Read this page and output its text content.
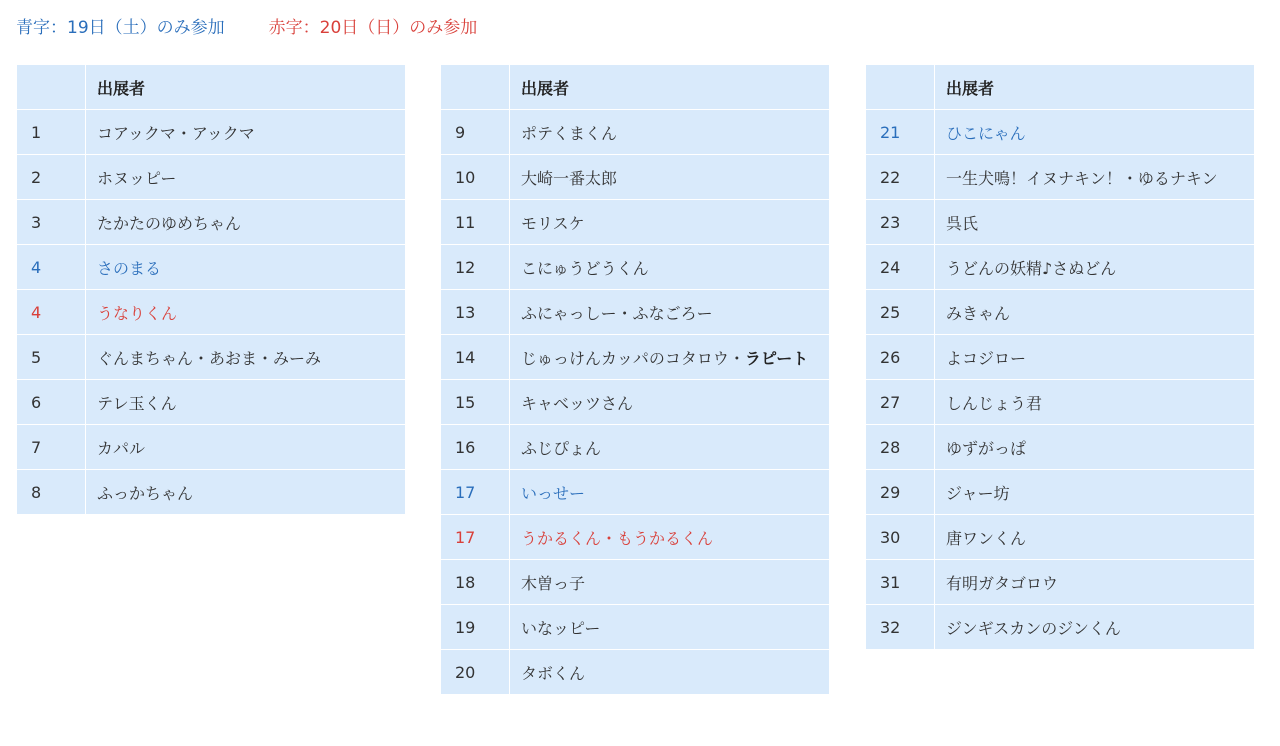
青字：19日（土）のみ参加	赤字：20日（日）のみ参加
	出展者
1	コアックマ・アックマ
2	ホヌッピー
3	たかたのゆめちゃん
4	さのまる
4	うなりくん
5	ぐんまちゃん・あおま・みーみ
6	テレ玉くん
7	カパル
8	ふっかちゃん
	出展者
9	ポテくまくん
10	大崎一番太郎
11	モリスケ
12	こにゅうどうくん
13	ふにゃっしー・ふなごろー
14	じゅっけんカッパのコタロウ・ラピート
15	キャベッツさん
16	ふじぴょん
17	いっせー
17	うかるくん・もうかるくん
18	木曽っ子
19	いなッピー
20	タボくん
	出展者
21	ひこにゃん
22	一生犬鳴！イヌナキン！・ゆるナキン
23	呉氏
24	うどんの妖精♪さぬどん
25	みきゃん
26	よコジロー
27	しんじょう君
28	ゆずがっぱ
29	ジャー坊
30	唐ワンくん
31	有明ガタゴロウ
32	ジンギスカンのジンくん
